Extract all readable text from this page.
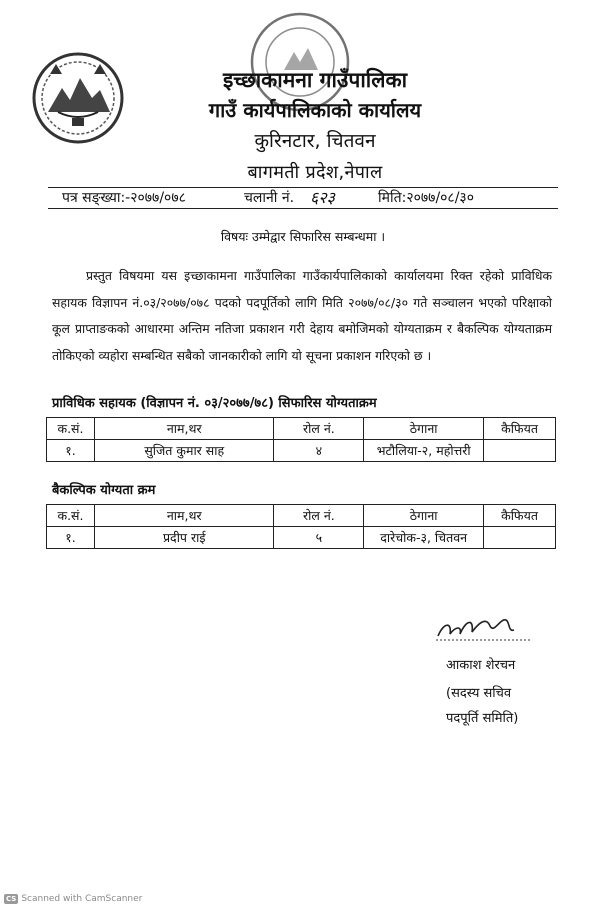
इच्छाकामना गाउँपालिका
गाउँ कार्यपालिकाको कार्यालय
कुरिनटार, चितवन
बागमती प्रदेश,नेपाल
पत्र सङ्ख्या:-२०७७/०७८	चलानी नं. ६२३	मिति:२०७७/०८/३०
विषयः उम्मेद्वार सिफारिस सम्बन्धमा ।
प्रस्तुत विषयमा यस इच्छाकामना गाउँपालिका गाउँकार्यपालिकाको कार्यालयमा रिक्त रहेको प्राविधिक सहायक विज्ञापन नं.०३/२०७७/०७८ पदको पदपूर्तिको लागि मिति २०७७/०८/३० गते सञ्चालन भएको परिक्षाको कूल प्राप्ताङकको आधारमा अन्तिम नतिजा प्रकाशन गरी देहाय बमोजिमको योग्यताक्रम र बैकल्पिक योग्यताक्रम तोकिएको व्यहोरा सम्बन्धित सबैको जानकारीको लागि यो सूचना प्रकाशन गरिएको छ ।
प्राविधिक सहायक (विज्ञापन नं. ०३/२०७७/७८) सिफारिस योग्यताक्रम
क.सं.	नाम,थर	रोल नं.	ठेगाना	कैफियत
१.	सुजित कुमार साह	४	भटौलिया-२, महोत्तरी	
बैकल्पिक योग्यता क्रम
क.सं.	नाम,थर	रोल नं.	ठेगाना	कैफियत
१.	प्रदीप राई	५	दारेचोक-३, चितवन	
आकाश शेरचन
(सदस्य सचिव
पदपूर्ति समिति)
CS Scanned with CamScanner
